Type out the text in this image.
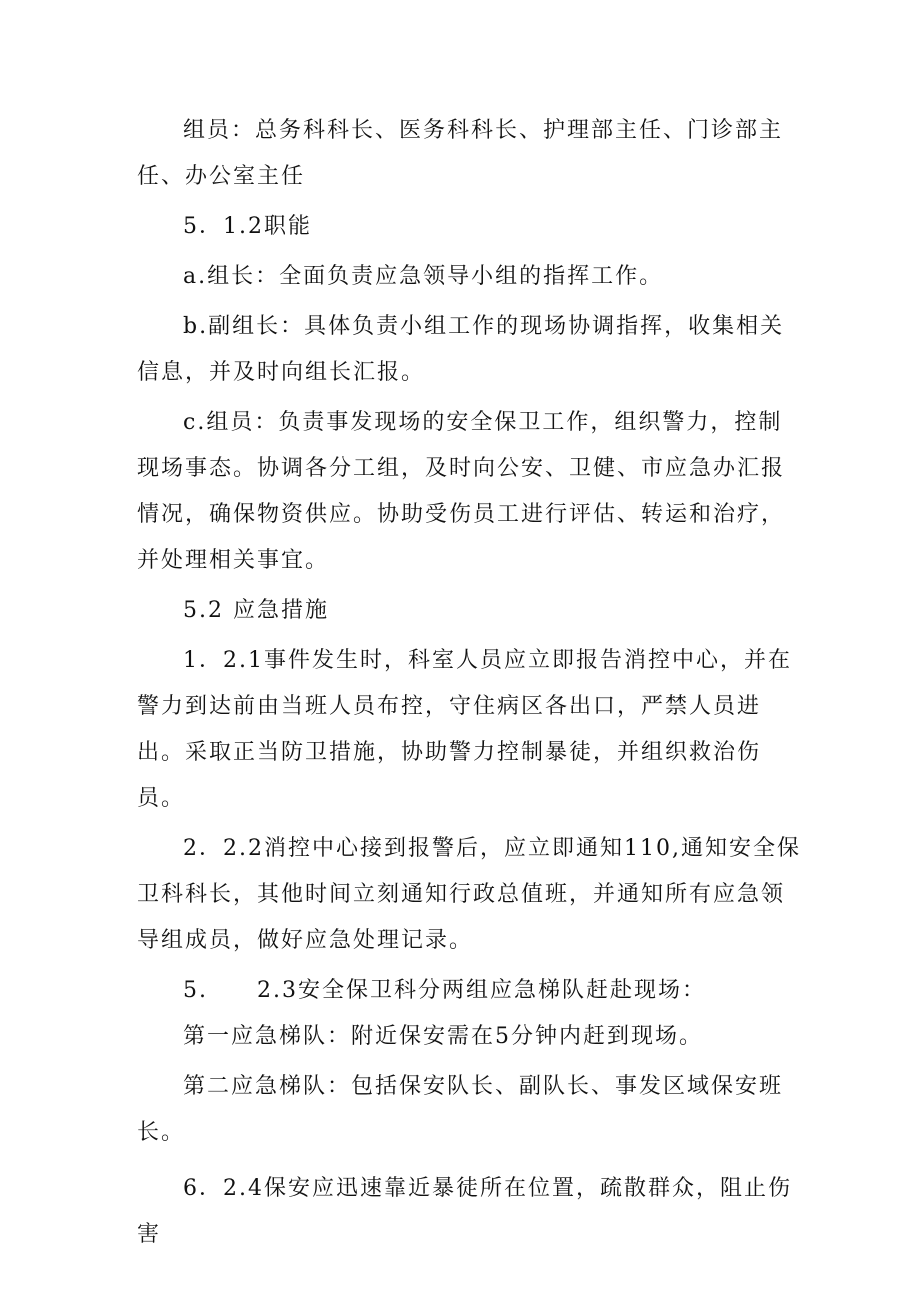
组员：总务科科长、医务科科长、护理部主任、门诊部主任、办公室主任

5．1.2职能

a.组长：全面负责应急领导小组的指挥工作。

b.副组长：具体负责小组工作的现场协调指挥，收集相关信息，并及时向组长汇报。

c.组员：负责事发现场的安全保卫工作，组织警力，控制现场事态。协调各分工组，及时向公安、卫健、市应急办汇报情况，确保物资供应。协助受伤员工进行评估、转运和治疗，并处理相关事宜。

5.2 应急措施

1．2.1事件发生时，科室人员应立即报告消控中心，并在警力到达前由当班人员布控，守住病区各出口，严禁人员进出。采取正当防卫措施，协助警力控制暴徒，并组织救治伤员。

2．2.2消控中心接到报警后，应立即通知110,通知安全保卫科科长，其他时间立刻通知行政总值班，并通知所有应急领导组成员，做好应急处理记录。

5. 2.3安全保卫科分两组应急梯队赶赴现场：

第一应急梯队：附近保安需在5分钟内赶到现场。

第二应急梯队：包括保安队长、副队长、事发区域保安班长。

6．2.4保安应迅速靠近暴徒所在位置，疏散群众，阻止伤害
